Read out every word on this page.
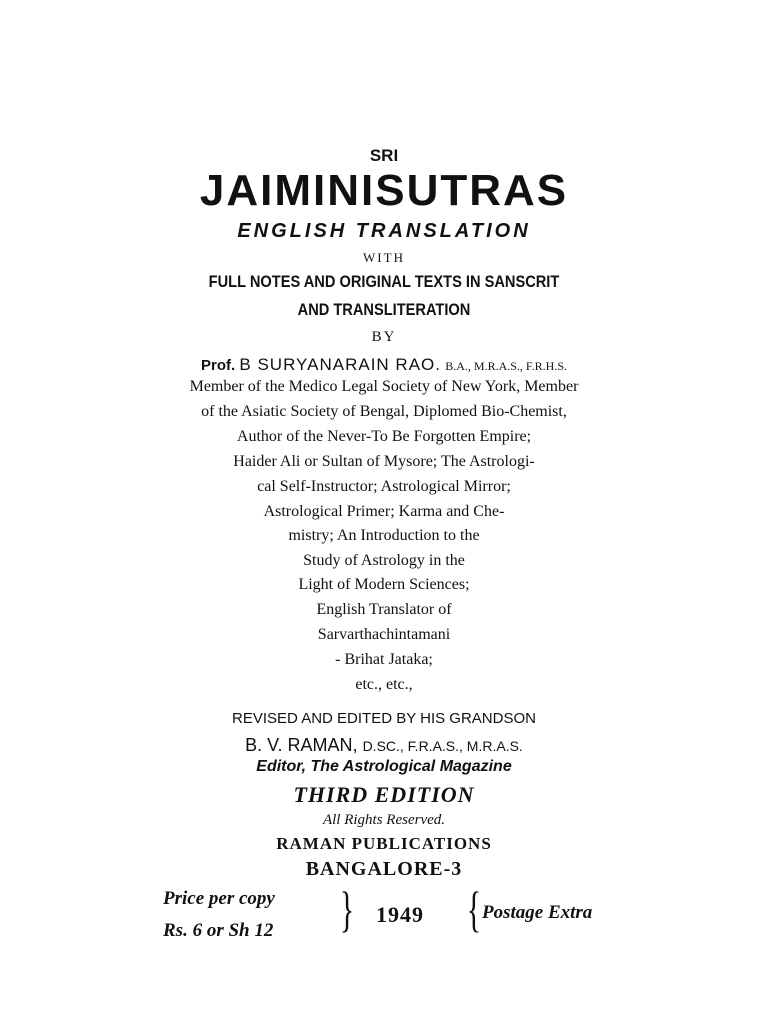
SRI
JAIMINISUTRAS
ENGLISH TRANSLATION
WITH
FULL NOTES AND ORIGINAL TEXTS IN SANSCRIT
AND TRANSLITERATION
BY
Prof. B SURYANARAIN RAO. B.A., M.R.A.S., F.R.H.S.
Member of the Medico Legal Society of New York, Member
of the Asiatic Society of Bengal, Diplomed Bio-Chemist,
Author of the Never-To Be Forgotten Empire;
Haider Ali or Sultan of Mysore; The Astrologi-
cal Self-Instructor; Astrological Mirror;
Astrological Primer; Karma and Che-
mistry; An Introduction to the
Study of Astrology in the
Light of Modern Sciences;
English Translator of
Sarvarthachintamani
- Brihat Jataka;
etc., etc.,
REVISED AND EDITED BY HIS GRANDSON
B. V. RAMAN, D.SC., F.R.A.S., M.R.A.S.
Editor, The Astrological Magazine
THIRD EDITION
All Rights Reserved.
RAMAN PUBLICATIONS
BANGALORE-3
Price per copy
Rs. 6 or Sh 12 } 1949 { Postage Extra
